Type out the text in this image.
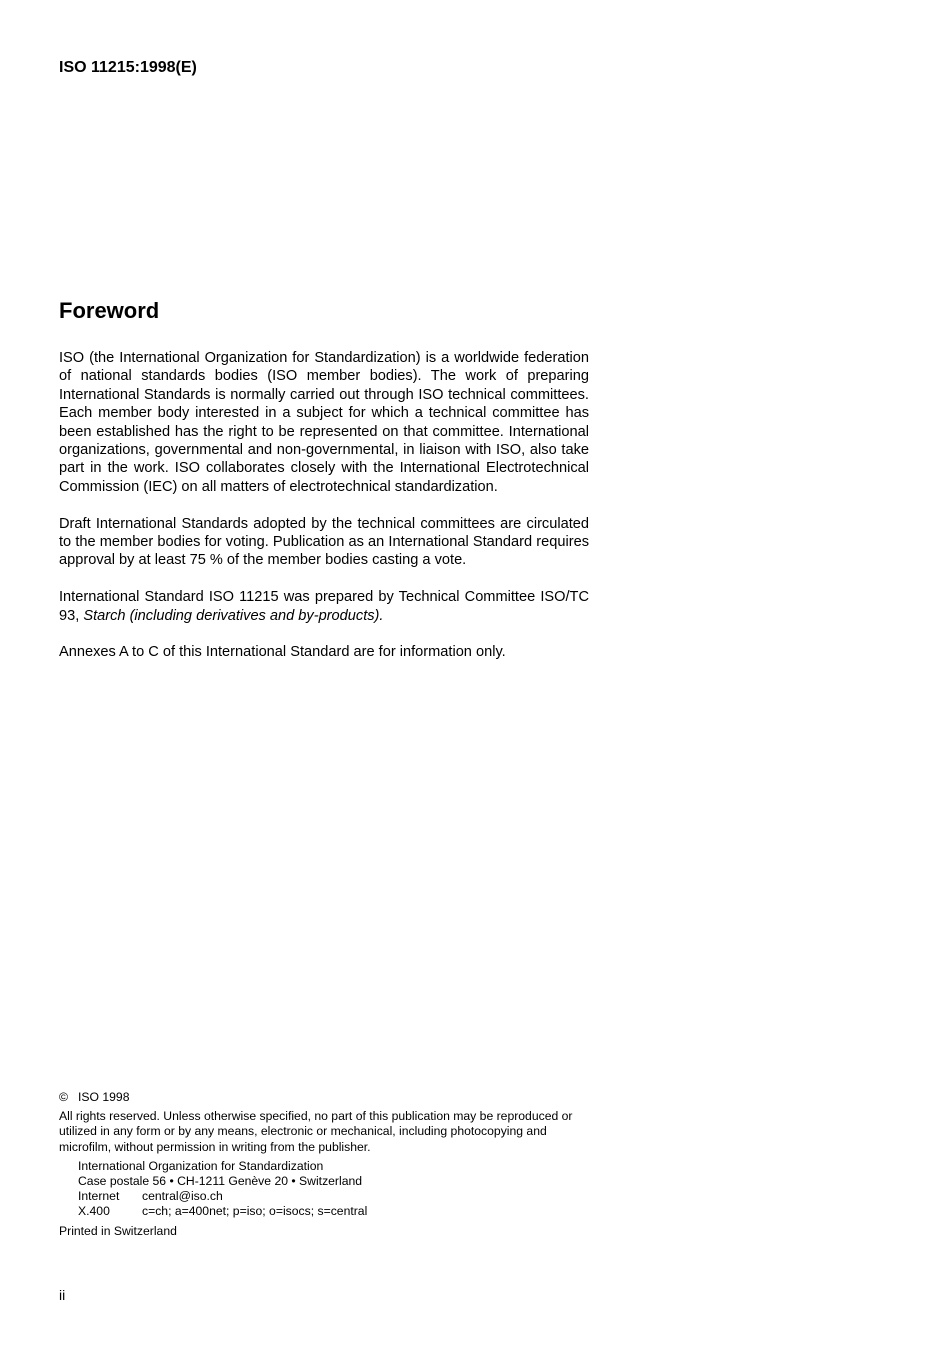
ISO 11215:1998(E)
Foreword

ISO (the International Organization for Standardization) is a worldwide federation of national standards bodies (ISO member bodies). The work of preparing International Standards is normally carried out through ISO technical committees. Each member body interested in a subject for which a technical committee has been established has the right to be represented on that committee. International organizations, governmental and non-governmental, in liaison with ISO, also take part in the work. ISO collaborates closely with the International Electrotechnical Commission (IEC) on all matters of electrotechnical standardization.

Draft International Standards adopted by the technical committees are circulated to the member bodies for voting. Publication as an International Standard requires approval by at least 75 % of the member bodies casting a vote.

International Standard ISO 11215 was prepared by Technical Committee ISO/TC 93, Starch (including derivatives and by-products).

Annexes A to C of this International Standard are for information only.

© ISO 1998
All rights reserved. Unless otherwise specified, no part of this publication may be reproduced or utilized in any form or by any means, electronic or mechanical, including photocopying and microfilm, without permission in writing from the publisher.
International Organization for Standardization
Case postale 56 • CH-1211 Genève 20 • Switzerland
Internet	central@iso.ch
X.400	c=ch; a=400net; p=iso; o=isocs; s=central
Printed in Switzerland
ii
